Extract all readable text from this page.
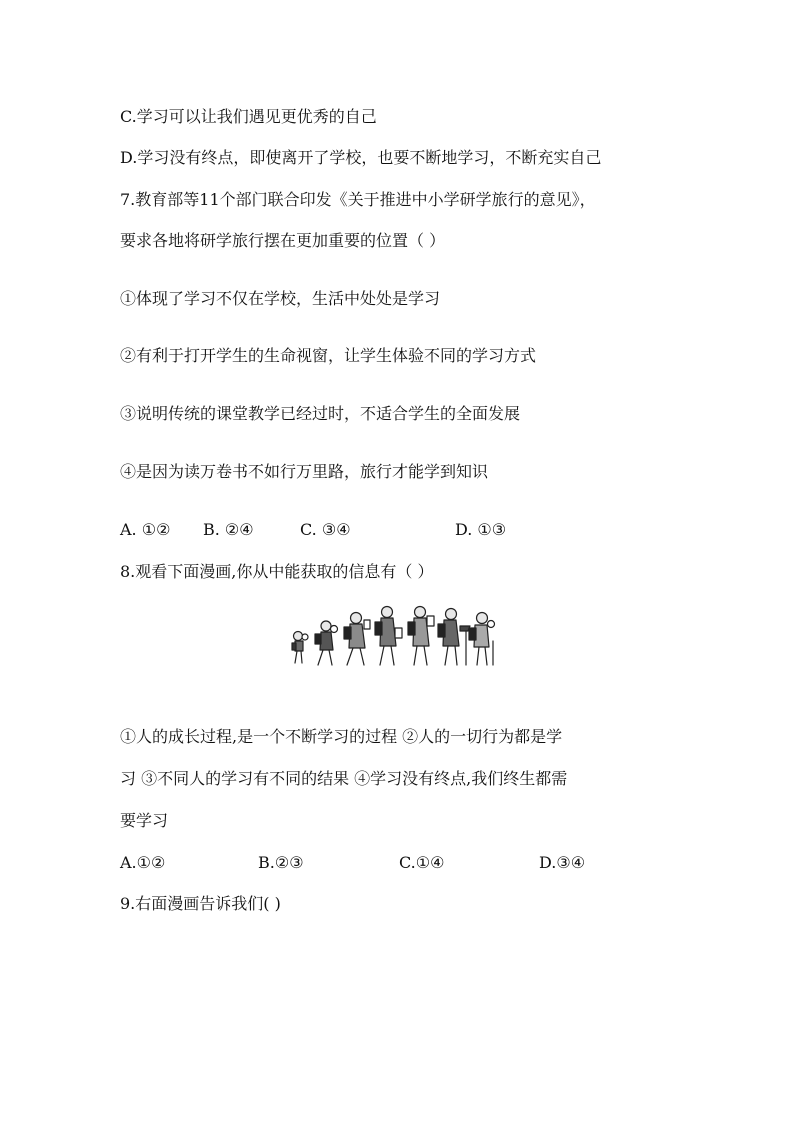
C.学习可以让我们遇见更优秀的自己
D.学习没有终点，即使离开了学校，也要不断地学习，不断充实自己
7.教育部等11个部门联合印发《关于推进中小学研学旅行的意见》，
要求各地将研学旅行摆在更加重要的位置（ ）
①体现了学习不仅在学校，生活中处处是学习
②有利于打开学生的生命视窗，让学生体验不同的学习方式
③说明传统的课堂教学已经过时，不适合学生的全面发展
④是因为读万卷书不如行万里路，旅行才能学到知识
A. ①② B. ②④	C. ③④	D. ①③
8.观看下面漫画,你从中能获取的信息有（ ）
①人的成长过程,是一个不断学习的过程 ②人的一切行为都是学
习 ③不同人的学习有不同的结果 ④学习没有终点,我们终生都需
要学习
A.①②	B.②③	C.①④	D.③④
9.右面漫画告诉我们( )
